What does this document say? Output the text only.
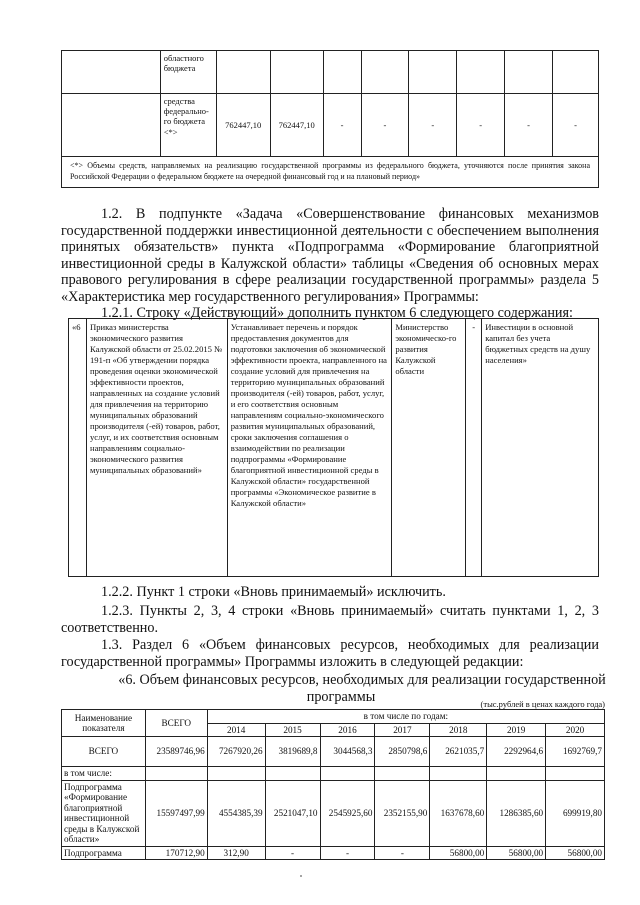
	областного бюджета								
	средства федерально-го бюджета <*>	762447,10	762447,10	-	-	-	-	-	-
<*> Объемы средств, направляемых на реализацию государственной программы из федерального бюджета, уточняются после принятия закона Российской Федерации о федеральном бюджете на очередной финансовый год и на плановый период»									
1.2. В подпункте «Задача «Совершенствование финансовых механизмов государственной поддержки инвестиционной деятельности с обеспечением выполнения принятых обязательств» пункта «Подпрограмма «Формирование благоприятной инвестиционной среды в Калужской области» таблицы «Сведения об основных мерах правового регулирования в сфере реализации государственной программы» раздела 5 «Характеристика мер государственного регулирования» Программы:
1.2.1. Строку «Действующий» дополнить пунктом 6 следующего содержания:
«6	Приказ министерства экономического развития Калужской области от 25.02.2015 № 191-п «Об утверждении порядка проведения оценки экономической эффективности проектов, направленных на создание условий для привлечения на территорию муниципальных образований производителя (-ей) товаров, работ, услуг, и их соответствия основным направлениям социально-экономического развития муниципальных образований»	Устанавливает перечень и порядок предоставления документов для подготовки заключения об экономической эффективности проекта, направленного на создание условий для привлечения на территорию муниципальных образований производителя (-ей) товаров, работ, услуг, и его соответствия основным направлениям социально-экономического развития муниципальных образований, сроки заключения соглашения о взаимодействии по реализации подпрограммы «Формирование благоприятной инвестиционной среды в Калужской области» государственной программы «Экономическое развитие в Калужской области»	Министерство экономическо-го развития Калужской области	-	Инвестиции в основной капитал без учета бюджетных средств на душу населения»
1.2.2. Пункт 1 строки «Вновь принимаемый» исключить.
1.2.3. Пункты 2, 3, 4 строки «Вновь принимаемый» считать пунктами 1, 2, 3 соответственно.
1.3. Раздел 6 «Объем финансовых ресурсов, необходимых для реализации государственной программы» Программы изложить в следующей редакции:
«6. Объем финансовых ресурсов, необходимых для реализации государственной
программы	(тыс.рублей в ценах каждого года)
Наименование показателя	ВСЕГО	в том числе по годам:						
		2014	2015	2016	2017	2018	2019	2020
ВСЕГО	23589746,96	7267920,26	3819689,8	3044568,3	2850798,6	2621035,7	2292964,6	1692769,7
в том числе:								
Подпрограмма «Формирование благоприятной инвестиционной среды в Калужской области»	15597497,99	4554385,39	2521047,10	2545925,60	2352155,90	1637678,60	1286385,60	699919,80
Подпрограмма	170712,90	312,90	-	-	-	56800,00	56800,00	56800,00
